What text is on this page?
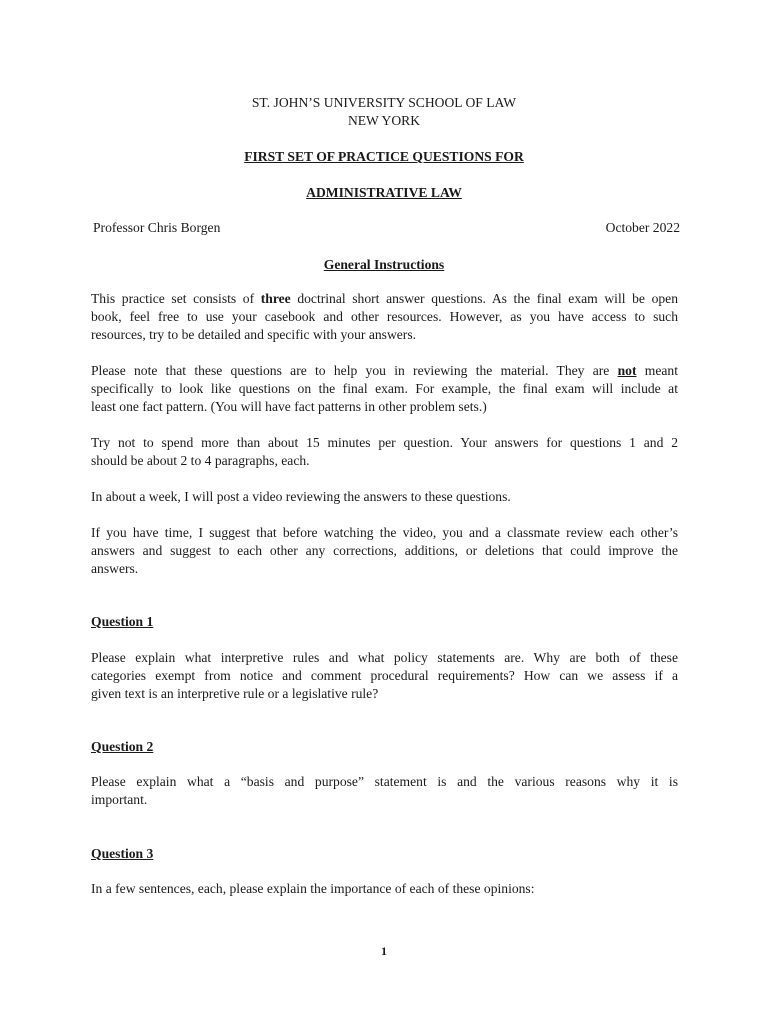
ST. JOHN’S UNIVERSITY SCHOOL OF LAW
NEW YORK
FIRST SET OF PRACTICE QUESTIONS FOR
ADMINISTRATIVE LAW
Professor Chris Borgen	October 2022
General Instructions
This practice set consists of three doctrinal short answer questions. As the final exam will be open
book, feel free to use your casebook and other resources. However, as you have access to such
resources, try to be detailed and specific with your answers.
Please note that these questions are to help you in reviewing the material. They are not meant
specifically to look like questions on the final exam. For example, the final exam will include at
least one fact pattern. (You will have fact patterns in other problem sets.)
Try not to spend more than about 15 minutes per question. Your answers for questions 1 and 2
should be about 2 to 4 paragraphs, each.
In about a week, I will post a video reviewing the answers to these questions.
If you have time, I suggest that before watching the video, you and a classmate review each other’s
answers and suggest to each other any corrections, additions, or deletions that could improve the
answers.
Question 1
Please explain what interpretive rules and what policy statements are. Why are both of these
categories exempt from notice and comment procedural requirements? How can we assess if a
given text is an interpretive rule or a legislative rule?
Question 2
Please explain what a “basis and purpose” statement is and the various reasons why it is
important.
Question 3
In a few sentences, each, please explain the importance of each of these opinions:
1
